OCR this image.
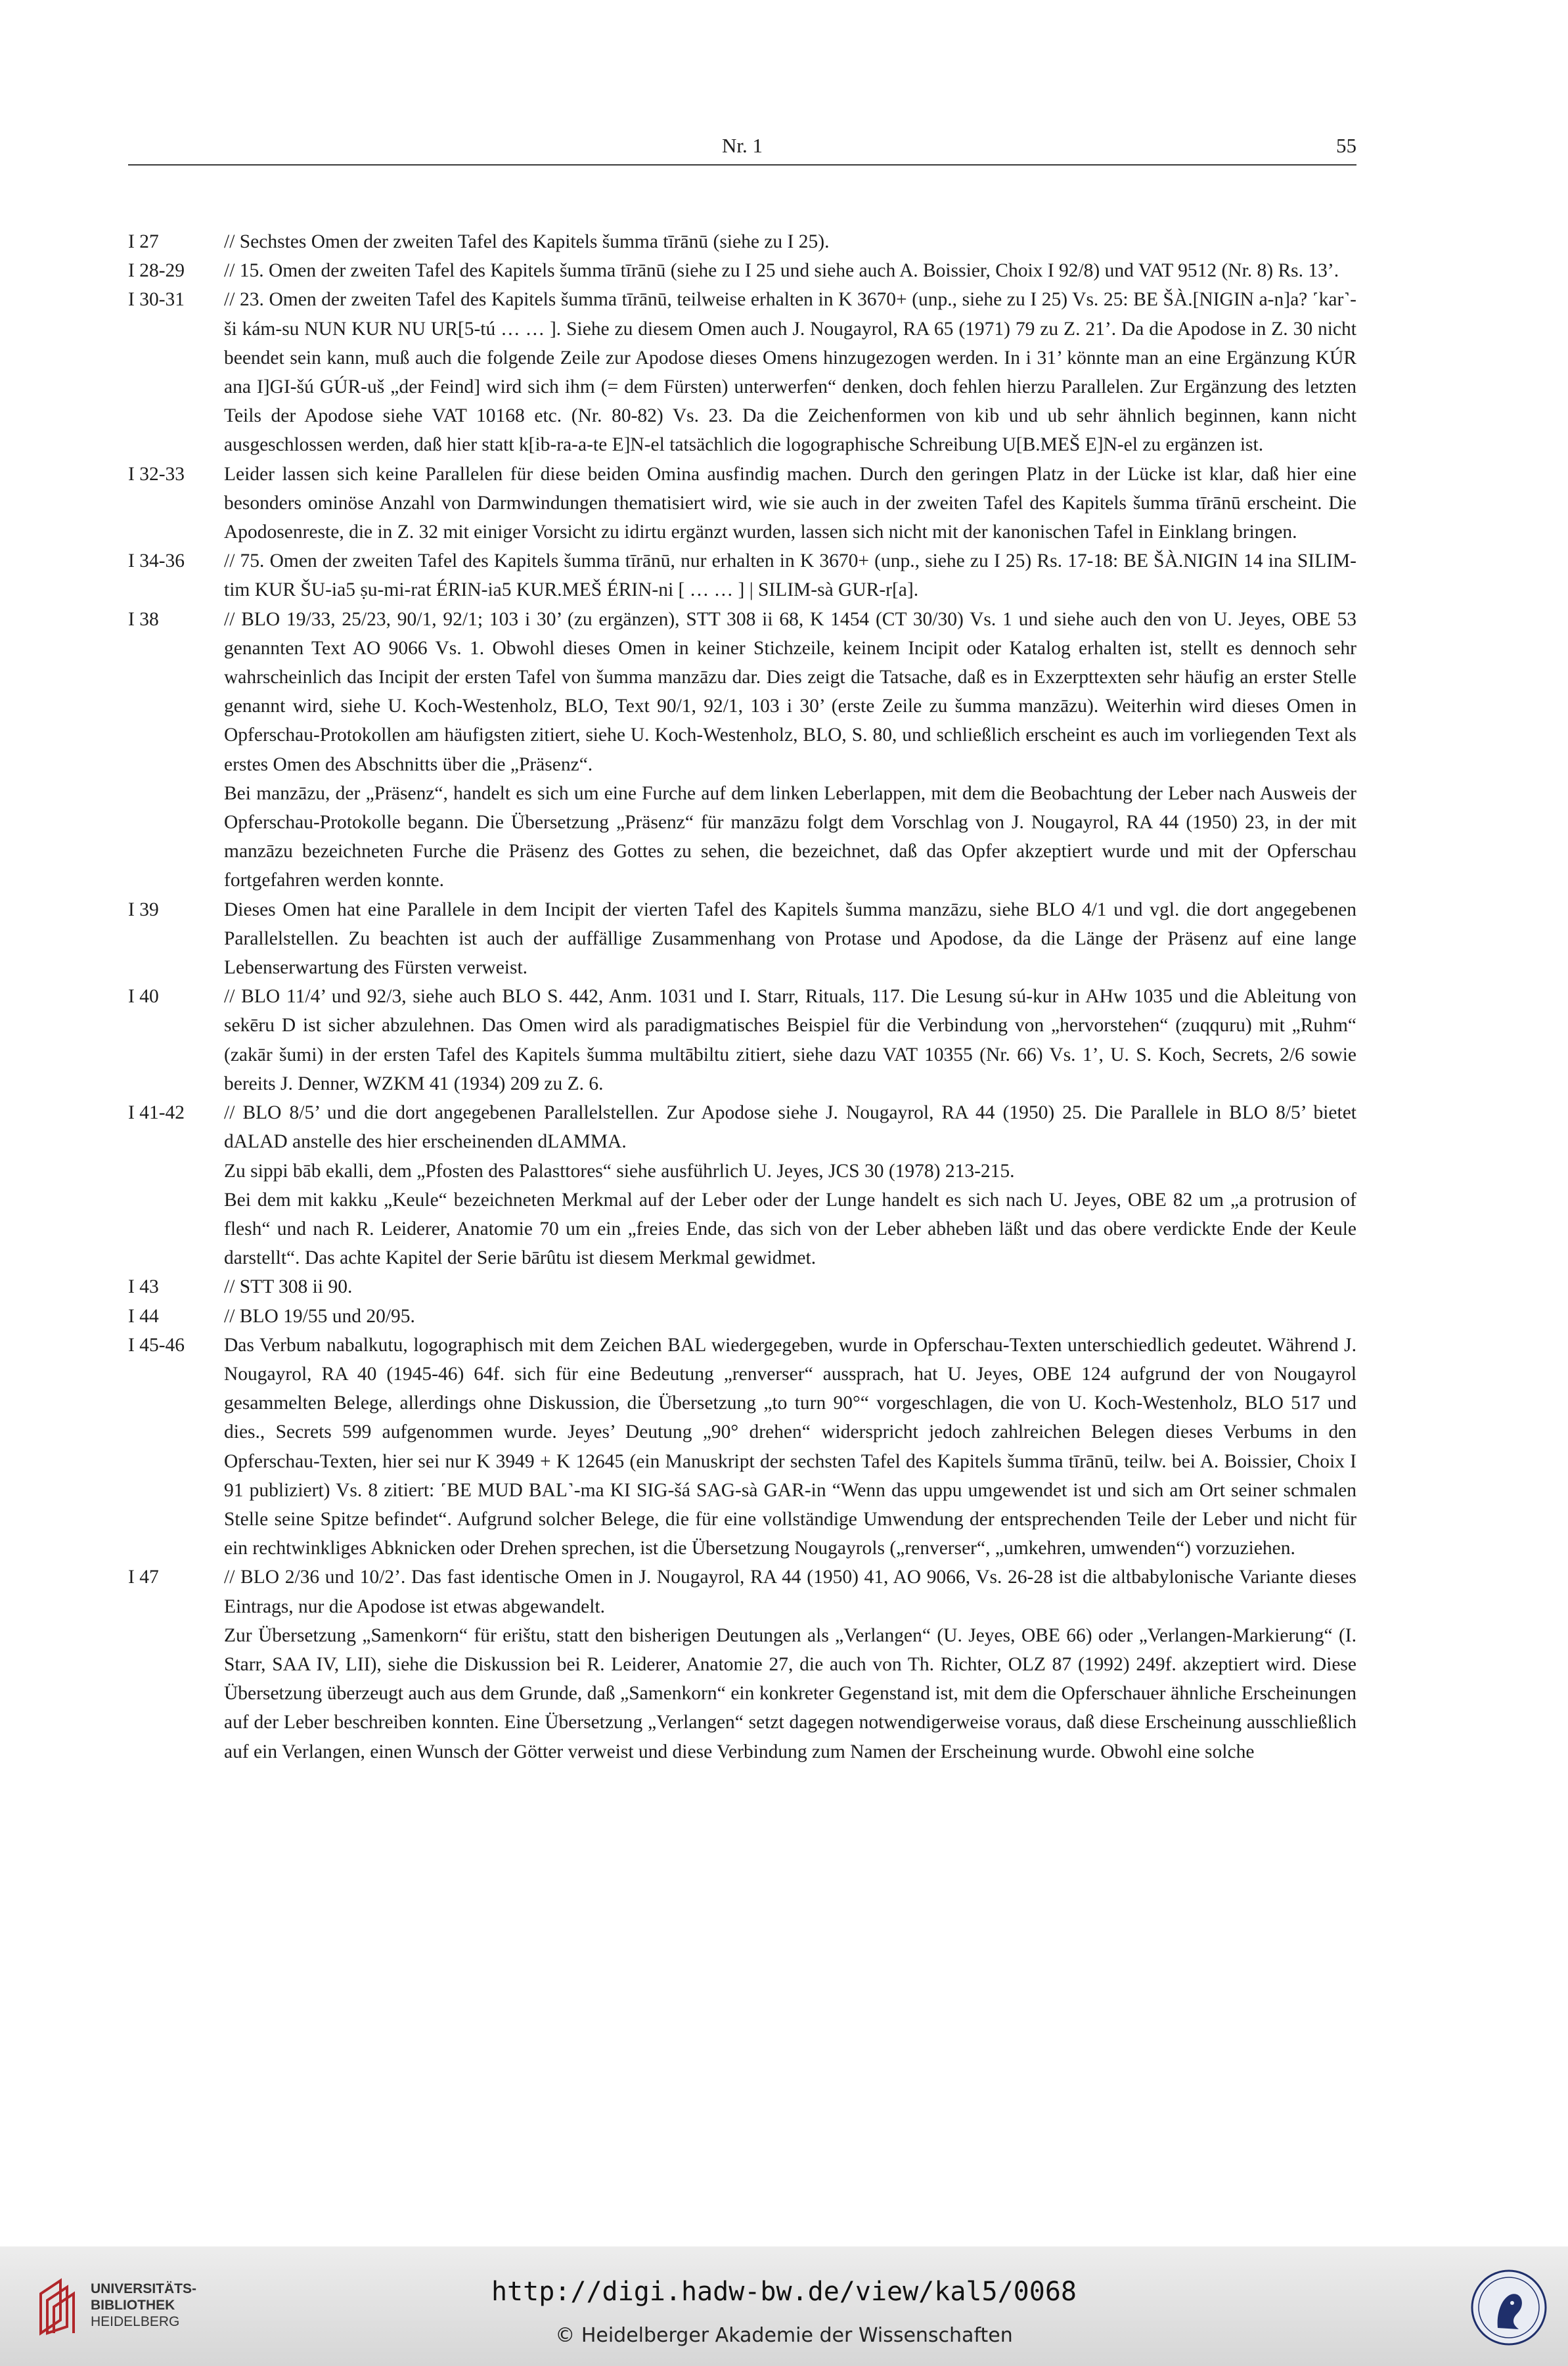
Nr. 1	55
I 27	// Sechstes Omen der zweiten Tafel des Kapitels šumma tīrānū (siehe zu I 25).

I 28-29	// 15. Omen der zweiten Tafel des Kapitels šumma tīrānū (siehe zu I 25 und siehe auch A. Boissier, Choix I 92/8) und VAT 9512 (Nr. 8) Rs. 13’.

I 30-31	// 23. Omen der zweiten Tafel des Kapitels šumma tīrānū, teilweise erhalten in K 3670+ (unp., siehe zu I 25) Vs. 25: BE ŠÀ.[NIGIN a-n]a? ˹kar˺-ši kám-su NUN KUR NU UR[5-tú … … ]. Siehe zu diesem Omen auch J. Nougayrol, RA 65 (1971) 79 zu Z. 21’. Da die Apodose in Z. 30 nicht beendet sein kann, muß auch die folgende Zeile zur Apodose dieses Omens hinzugezogen werden. In i 31’ könnte man an eine Ergänzung KÚR ana I]GI-šú GÚR-uš „der Feind] wird sich ihm (= dem Fürsten) unterwerfen“ denken, doch fehlen hierzu Parallelen. Zur Ergänzung des letzten Teils der Apodose siehe VAT 10168 etc. (Nr. 80-82) Vs. 23. Da die Zeichenformen von kib und ub sehr ähnlich beginnen, kann nicht ausgeschlossen werden, daß hier statt k[ib-ra-a-te E]N-el tatsächlich die logographische Schreibung U[B.MEŠ E]N-el zu ergänzen ist.

I 32-33	Leider lassen sich keine Parallelen für diese beiden Omina ausfindig machen. Durch den geringen Platz in der Lücke ist klar, daß hier eine besonders ominöse Anzahl von Darmwindungen thematisiert wird, wie sie auch in der zweiten Tafel des Kapitels šumma tīrānū erscheint. Die Apodosenreste, die in Z. 32 mit einiger Vorsicht zu idirtu ergänzt wurden, lassen sich nicht mit der kanonischen Tafel in Einklang bringen.

I 34-36	// 75. Omen der zweiten Tafel des Kapitels šumma tīrānū, nur erhalten in K 3670+ (unp., siehe zu I 25) Rs. 17-18: BE ŠÀ.NIGIN 14 ina SILIM-tim KUR ŠU-ia5 ṣu-mi-rat ÉRIN-ia5 KUR.MEŠ ÉRIN-ni [ … … ] | SILIM-sà GUR-r[a].

I 38	// BLO 19/33, 25/23, 90/1, 92/1; 103 i 30’ (zu ergänzen), STT 308 ii 68, K 1454 (CT 30/30) Vs. 1 und siehe auch den von U. Jeyes, OBE 53 genannten Text AO 9066 Vs. 1. Obwohl dieses Omen in keiner Stichzeile, keinem Incipit oder Katalog erhalten ist, stellt es dennoch sehr wahrscheinlich das Incipit der ersten Tafel von šumma manzāzu dar. Dies zeigt die Tatsache, daß es in Exzerpttexten sehr häufig an erster Stelle genannt wird, siehe U. Koch-Westenholz, BLO, Text 90/1, 92/1, 103 i 30’ (erste Zeile zu šumma manzāzu). Weiterhin wird dieses Omen in Opferschau-Protokollen am häufigsten zitiert, siehe U. Koch-Westenholz, BLO, S. 80, und schließlich erscheint es auch im vorliegenden Text als erstes Omen des Abschnitts über die „Präsenz“.

Bei manzāzu, der „Präsenz“, handelt es sich um eine Furche auf dem linken Leberlappen, mit dem die Beobachtung der Leber nach Ausweis der Opferschau-Protokolle begann. Die Übersetzung „Präsenz“ für manzāzu folgt dem Vorschlag von J. Nougayrol, RA 44 (1950) 23, in der mit manzāzu bezeichneten Furche die Präsenz des Gottes zu sehen, die bezeichnet, daß das Opfer akzeptiert wurde und mit der Opferschau fortgefahren werden konnte.

I 39	Dieses Omen hat eine Parallele in dem Incipit der vierten Tafel des Kapitels šumma manzāzu, siehe BLO 4/1 und vgl. die dort angegebenen Parallelstellen. Zu beachten ist auch der auffällige Zusammenhang von Protase und Apodose, da die Länge der Präsenz auf eine lange Lebenserwartung des Fürsten verweist.

I 40	// BLO 11/4’ und 92/3, siehe auch BLO S. 442, Anm. 1031 und I. Starr, Rituals, 117. Die Lesung sú-kur in AHw 1035 und die Ableitung von sekēru D ist sicher abzulehnen. Das Omen wird als paradigmatisches Beispiel für die Verbindung von „hervorstehen“ (zuqquru) mit „Ruhm“ (zakār šumi) in der ersten Tafel des Kapitels šumma multābiltu zitiert, siehe dazu VAT 10355 (Nr. 66) Vs. 1’, U. S. Koch, Secrets, 2/6 sowie bereits J. Denner, WZKM 41 (1934) 209 zu Z. 6.

I 41-42	// BLO 8/5’ und die dort angegebenen Parallelstellen. Zur Apodose siehe J. Nougayrol, RA 44 (1950) 25. Die Parallele in BLO 8/5’ bietet dALAD anstelle des hier erscheinenden dLAMMA.

Zu sippi bāb ekalli, dem „Pfosten des Palasttores“ siehe ausführlich U. Jeyes, JCS 30 (1978) 213-215.

Bei dem mit kakku „Keule“ bezeichneten Merkmal auf der Leber oder der Lunge handelt es sich nach U. Jeyes, OBE 82 um „a protrusion of flesh“ und nach R. Leiderer, Anatomie 70 um ein „freies Ende, das sich von der Leber abheben läßt und das obere verdickte Ende der Keule darstellt“. Das achte Kapitel der Serie bārûtu ist diesem Merkmal gewidmet.

I 43	// STT 308 ii 90.

I 44	// BLO 19/55 und 20/95.

I 45-46	Das Verbum nabalkutu, logographisch mit dem Zeichen BAL wiedergegeben, wurde in Opferschau-Texten unterschiedlich gedeutet. Während J. Nougayrol, RA 40 (1945-46) 64f. sich für eine Bedeutung „renverser“ aussprach, hat U. Jeyes, OBE 124 aufgrund der von Nougayrol gesammelten Belege, allerdings ohne Diskussion, die Übersetzung „to turn 90°“ vorgeschlagen, die von U. Koch-Westenholz, BLO 517 und dies., Secrets 599 aufgenommen wurde. Jeyes’ Deutung „90° drehen“ widerspricht jedoch zahlreichen Belegen dieses Verbums in den Opferschau-Texten, hier sei nur K 3949 + K 12645 (ein Manuskript der sechsten Tafel des Kapitels šumma tīrānū, teilw. bei A. Boissier, Choix I 91 publiziert) Vs. 8 zitiert: ˹BE MUD BAL˺-ma KI SIG-šá SAG-sà GAR-in “Wenn das uppu umgewendet ist und sich am Ort seiner schmalen Stelle seine Spitze befindet“. Aufgrund solcher Belege, die für eine vollständige Umwendung der entsprechenden Teile der Leber und nicht für ein rechtwinkliges Abknicken oder Drehen sprechen, ist die Übersetzung Nougayrols („renverser“, „umkehren, umwenden“) vorzuziehen.

I 47	// BLO 2/36 und 10/2’. Das fast identische Omen in J. Nougayrol, RA 44 (1950) 41, AO 9066, Vs. 26-28 ist die altbabylonische Variante dieses Eintrags, nur die Apodose ist etwas abgewandelt.

Zur Übersetzung „Samenkorn“ für erištu, statt den bisherigen Deutungen als „Verlangen“ (U. Jeyes, OBE 66) oder „Verlangen-Markierung“ (I. Starr, SAA IV, LII), siehe die Diskussion bei R. Leiderer, Anatomie 27, die auch von Th. Richter, OLZ 87 (1992) 249f. akzeptiert wird. Diese Übersetzung überzeugt auch aus dem Grunde, daß „Samenkorn“ ein konkreter Gegenstand ist, mit dem die Opferschauer ähnliche Erscheinungen auf der Leber beschreiben konnten. Eine Übersetzung „Verlangen“ setzt dagegen notwendigerweise voraus, daß diese Erscheinung ausschließlich auf ein Verlangen, einen Wunsch der Götter verweist und diese Verbindung zum Namen der Erscheinung wurde. Obwohl eine solche

UNIVERSITÄTS-
BIBLIOTHEK
HEIDELBERG
http://digi.hadw-bw.de/view/kal5/0068
© Heidelberger Akademie der Wissenschaften
